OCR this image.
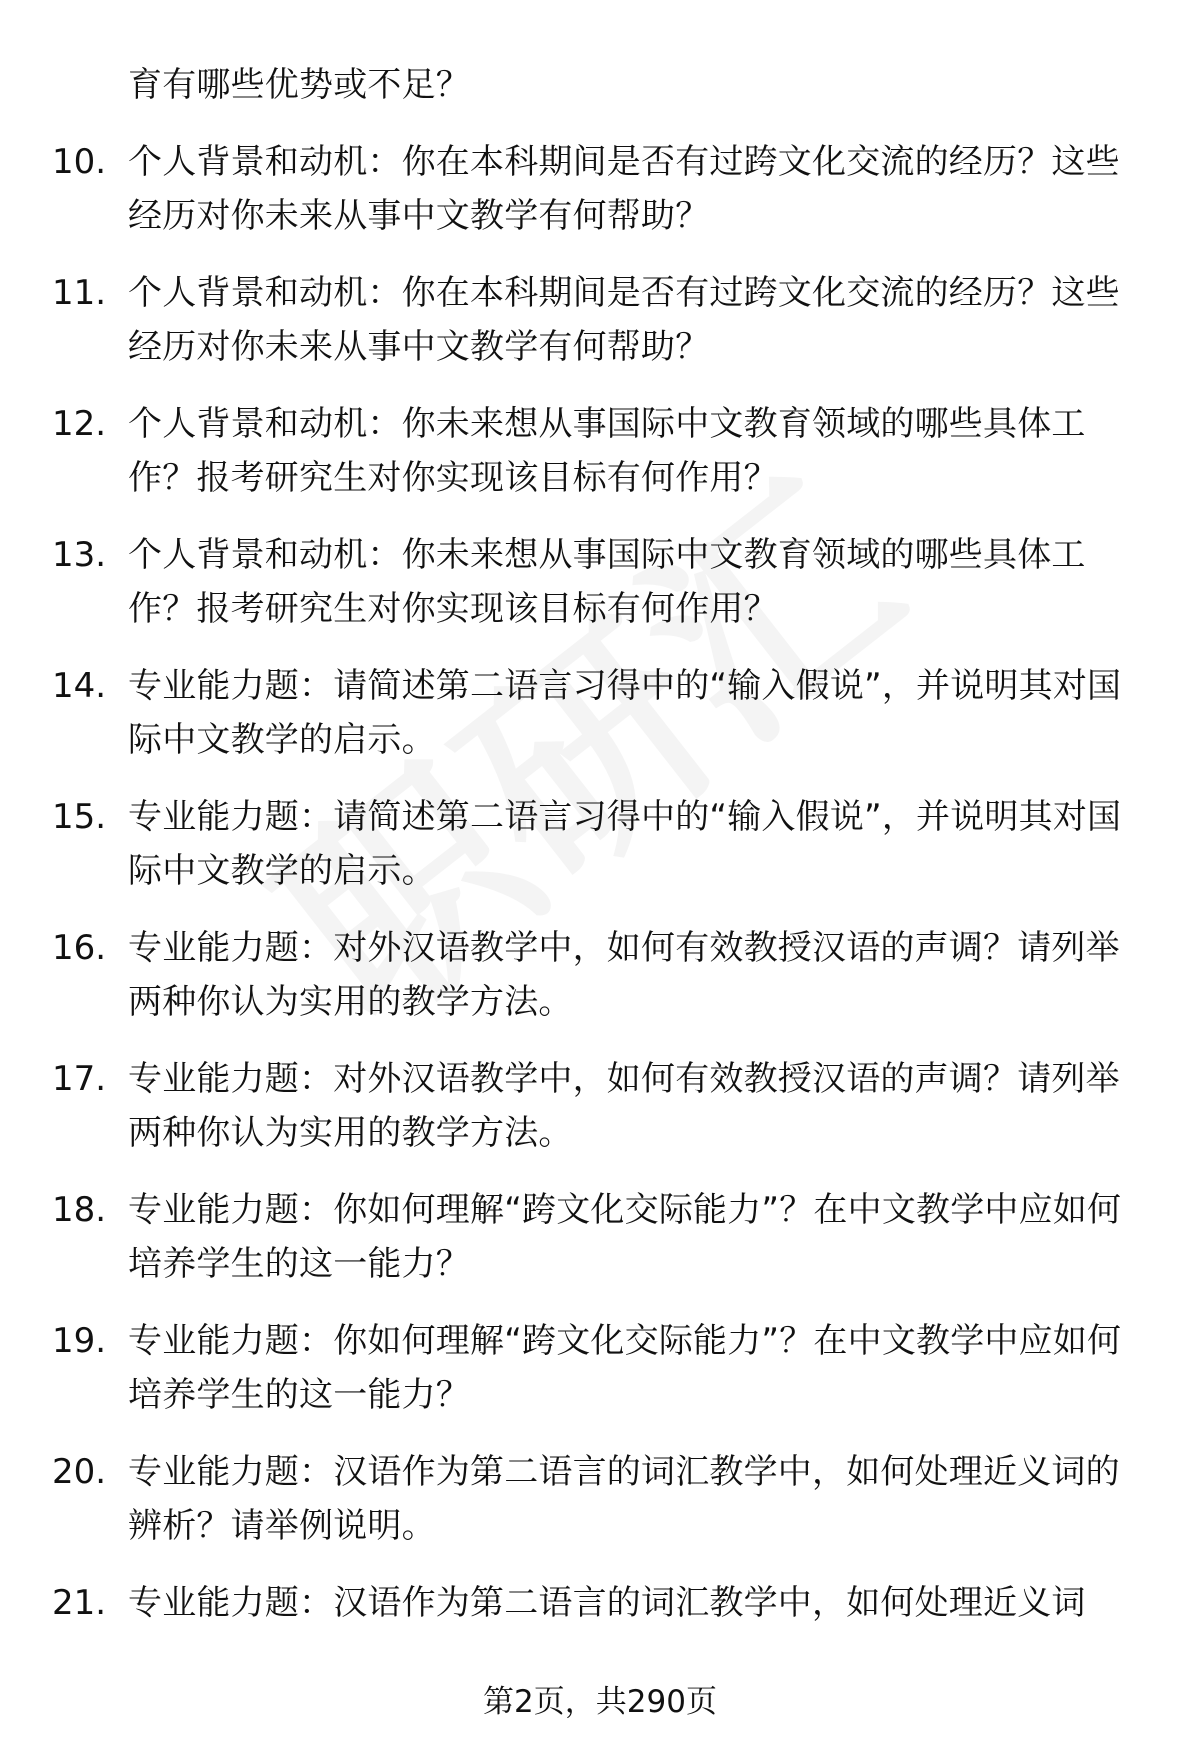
育有哪些优势或不足？
10. 个人背景和动机：你在本科期间是否有过跨文化交流的经历？这些经历对你未来从事中文教学有何帮助？
11. 个人背景和动机：你在本科期间是否有过跨文化交流的经历？这些经历对你未来从事中文教学有何帮助？
12. 个人背景和动机：你未来想从事国际中文教育领域的哪些具体工作？报考研究生对你实现该目标有何作用？
13. 个人背景和动机：你未来想从事国际中文教育领域的哪些具体工作？报考研究生对你实现该目标有何作用？
14. 专业能力题：请简述第二语言习得中的“输入假说”，并说明其对国际中文教学的启示。
15. 专业能力题：请简述第二语言习得中的“输入假说”，并说明其对国际中文教学的启示。
16. 专业能力题：对外汉语教学中，如何有效教授汉语的声调？请列举两种你认为实用的教学方法。
17. 专业能力题：对外汉语教学中，如何有效教授汉语的声调？请列举两种你认为实用的教学方法。
18. 专业能力题：你如何理解“跨文化交际能力”？在中文教学中应如何培养学生的这一能力？
19. 专业能力题：你如何理解“跨文化交际能力”？在中文教学中应如何培养学生的这一能力？
20. 专业能力题：汉语作为第二语言的词汇教学中，如何处理近义词的辨析？请举例说明。
21. 专业能力题：汉语作为第二语言的词汇教学中，如何处理近义词
第2页，共290页
